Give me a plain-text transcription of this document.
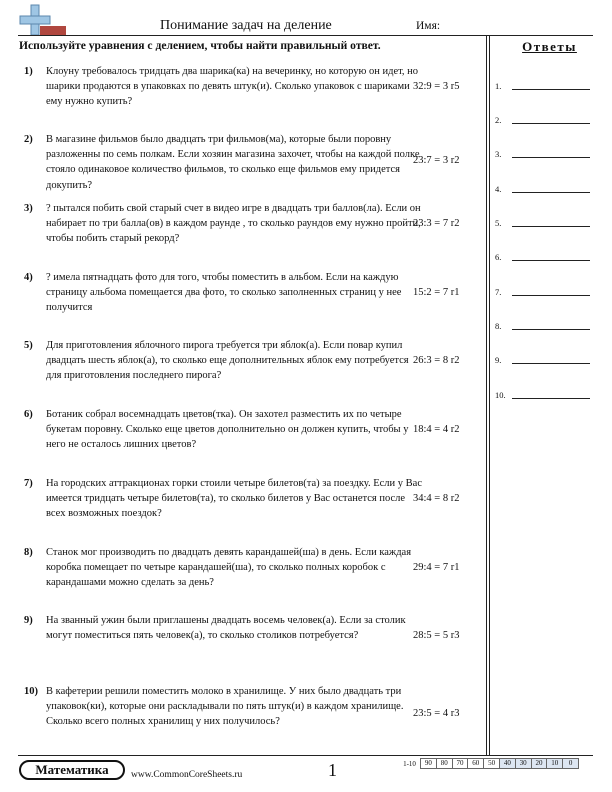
Понимание задач на деление	Имя:
Используйте уравнения с делением, чтобы найти правильный ответ.
1) Клоуну требовалось тридцать два шарика(ка) на вечеринку, но которую он идет, но шарики продаются в упаковках по девять штук(и). Сколько упаковок с шариками ему нужно купить?
32:9 = 3 r5
2) В магазине фильмов было двадцать три фильмов(ма), которые были поровну разложенны по семь полкам. Если хозяин магазина захочет, чтобы на каждой полке стояло одинаковое количество фильмов, то сколько еще фильмов ему придется докупить?
23:7 = 3 r2
3) ? пытался побить свой старый счет в видео игре в двадцать три баллов(ла). Если он набирает по три балла(ов) в каждом раунде , то сколько раундов ему нужно пройти, чтобы побить старый рекорд?
23:3 = 7 r2
4) ? имела пятнадцать фото для того, чтобы поместить в альбом. Если на каждую страницу альбома помещается два фото, то сколько заполненных страниц у нее получится
15:2 = 7 r1
5) Для приготовления яблочного пирога требуется три яблок(а). Если повар купил двадцать шесть яблок(а), то сколько еще дополнительных яблок ему потребуется для приготовления последнего пирога?
26:3 = 8 r2
6) Ботаник собрал восемнадцать цветов(тка). Он захотел разместить их по четыре букетам поровну. Сколько еще цветов дополнительно он должен купить, чтобы у него не осталось лишних цветов?
18:4 = 4 r2
7) На городских аттракционах горки стоили четыре билетов(та) за поездку. Если у Вас имеется тридцать четыре билетов(та), то сколько билетов у Вас останется после всех возможных поездок?
34:4 = 8 r2
8) Станок мог производить по двадцать девять карандашей(ша) в день. Если каждая коробка помещает по четыре карандашей(ша), то сколько полных коробок с карандашами можно сделать за день?
29:4 = 7 r1
9) На званный ужин были приглашены двадцать восемь человек(а). Если за столик могут поместиться пять человек(а), то сколько столиков потребуется?	28:5 = 5 r3
10) В кафетерии решили поместить молоко в хранилище. У них было двадцать три упаковок(ки), которые они раскладывали по пять штук(и) в каждом хранилище. Сколько всего полных хранилищ у них получилось?
23:5 = 4 r3
Ответы
1.
2.
3.
4.
5.
6.
7.
8.
9.
10.
Математика	www.CommonCoreSheets.ru	1	1-10	90	80	70	60	50	40	30	20	10	0
